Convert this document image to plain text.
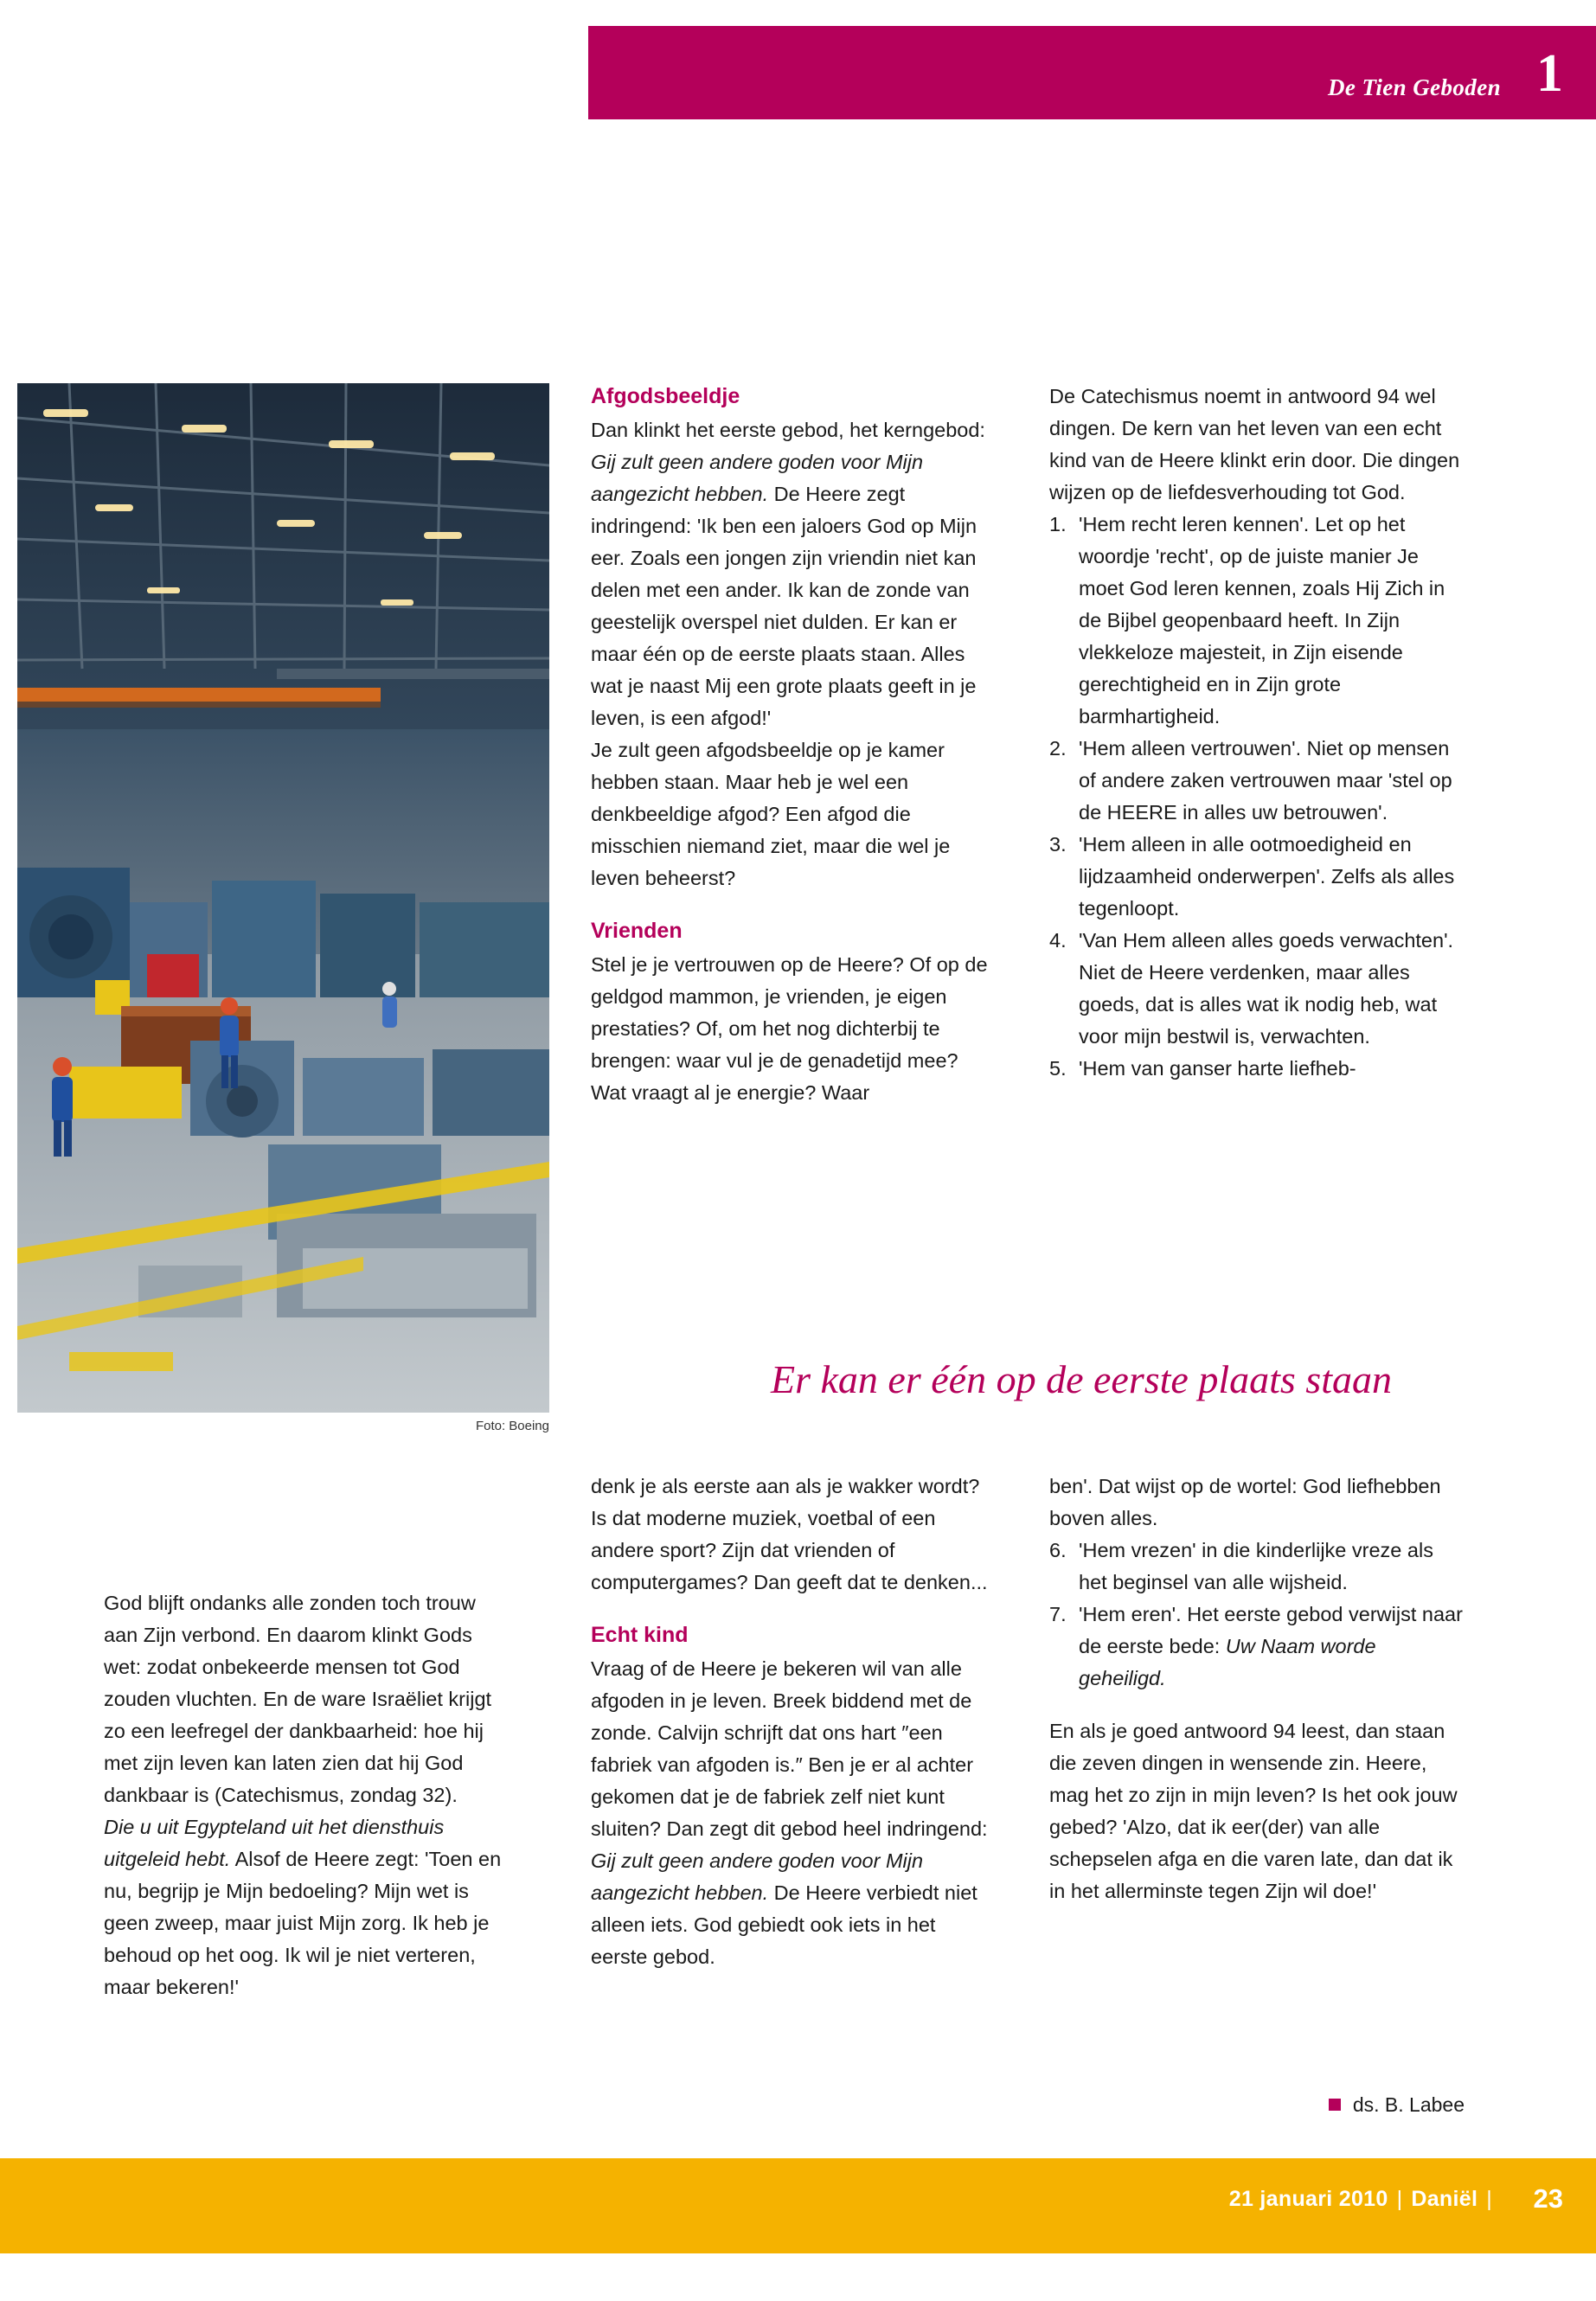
De Tien Geboden 1
Foto: Boeing

Afgodsbeeldje

Dan klinkt het eerste gebod, het kerngebod: Gij zult geen andere goden voor Mijn aangezicht hebben. De Heere zegt indringend: ʹIk ben een jaloers God op Mijn eer. Zoals een jongen zijn vriendin niet kan delen met een ander. Ik kan de zonde van geestelijk overspel niet dulden. Er kan er maar één op de eerste plaats staan. Alles wat je naast Mij een grote plaats geeft in je leven, is een afgod!ʹ

Je zult geen afgodsbeeldje op je kamer hebben staan. Maar heb je wel een denkbeeldige afgod? Een afgod die misschien niemand ziet, maar die wel je leven beheerst?

Vrienden

Stel je je vertrouwen op de Heere? Of op de geldgod mammon, je vrienden, je eigen prestaties? Of, om het nog dichterbij te brengen: waar vul je de genadetijd mee? Wat vraagt al je energie? Waar

De Catechismus noemt in antwoord 94 wel dingen. De kern van het leven van een echt kind van de Heere klinkt erin door. Die dingen wijzen op de liefdesverhouding tot God.

1. ʹHem recht leren kennenʹ. Let op het woordje ʹrechtʹ, op de juiste manier Je moet God leren kennen, zoals Hij Zich in de Bijbel geopenbaard heeft. In Zijn vlekkeloze majesteit, in Zijn eisende gerechtigheid en in Zijn grote barmhartigheid.
2. ʹHem alleen vertrouwenʹ. Niet op mensen of andere zaken vertrouwen maar ʹstel op de HEERE in alles uw betrouwenʹ.
3. ʹHem alleen in alle ootmoedigheid en lijdzaamheid onderwerpenʹ. Zelfs als alles tegenloopt.
4. ʹVan Hem alleen alles goeds verwachtenʹ. Niet de Heere verdenken, maar alles goeds, dat is alles wat ik nodig heb, wat voor mijn bestwil is, verwachten.
5. ʹHem van ganser harte liefheb-
Er kan er één op de eerste plaats staan

God blijft ondanks alle zonden toch trouw aan Zijn verbond. En daarom klinkt Gods wet: zodat onbekeerde mensen tot God zouden vluchten. En de ware Israëliet krijgt zo een leefregel der dankbaarheid: hoe hij met zijn leven kan laten zien dat hij God dankbaar is (Catechismus, zondag 32).

Die u uit Egypteland uit het diensthuis uitgeleid hebt. Alsof de Heere zegt: ʹToen en nu, begrijp je Mijn bedoeling? Mijn wet is geen zweep, maar juist Mijn zorg. Ik heb je behoud op het oog. Ik wil je niet verteren, maar bekeren!ʹ

denk je als eerste aan als je wakker wordt? Is dat moderne muziek, voetbal of een andere sport? Zijn dat vrienden of computergames? Dan geeft dat te denken...

Echt kind

Vraag of de Heere je bekeren wil van alle afgoden in je leven. Breek biddend met de zonde. Calvijn schrijft dat ons hart ″een fabriek van afgoden is.″ Ben je er al achter gekomen dat je de fabriek zelf niet kunt sluiten? Dan zegt dit gebod heel indringend: Gij zult geen andere goden voor Mijn aangezicht hebben. De Heere verbiedt niet alleen iets. God gebiedt ook iets in het eerste gebod.

benʹ. Dat wijst op de wortel: God liefhebben boven alles.

6. ʹHem vrezenʹ in die kinderlijke vreze als het beginsel van alle wijsheid.
7. ʹHem erenʹ. Het eerste gebod verwijst naar de eerste bede: Uw Naam worde geheiligd.

En als je goed antwoord 94 leest, dan staan die zeven dingen in wensende zin. Heere, mag het zo zijn in mijn leven? Is het ook jouw gebed? ʹAlzo, dat ik eer(der) van alle schepselen afga en die varen late, dan dat ik in het allerminste tegen Zijn wil doe!ʹ

ds. B. Labee
21 januari 2010 | Daniël |	23
